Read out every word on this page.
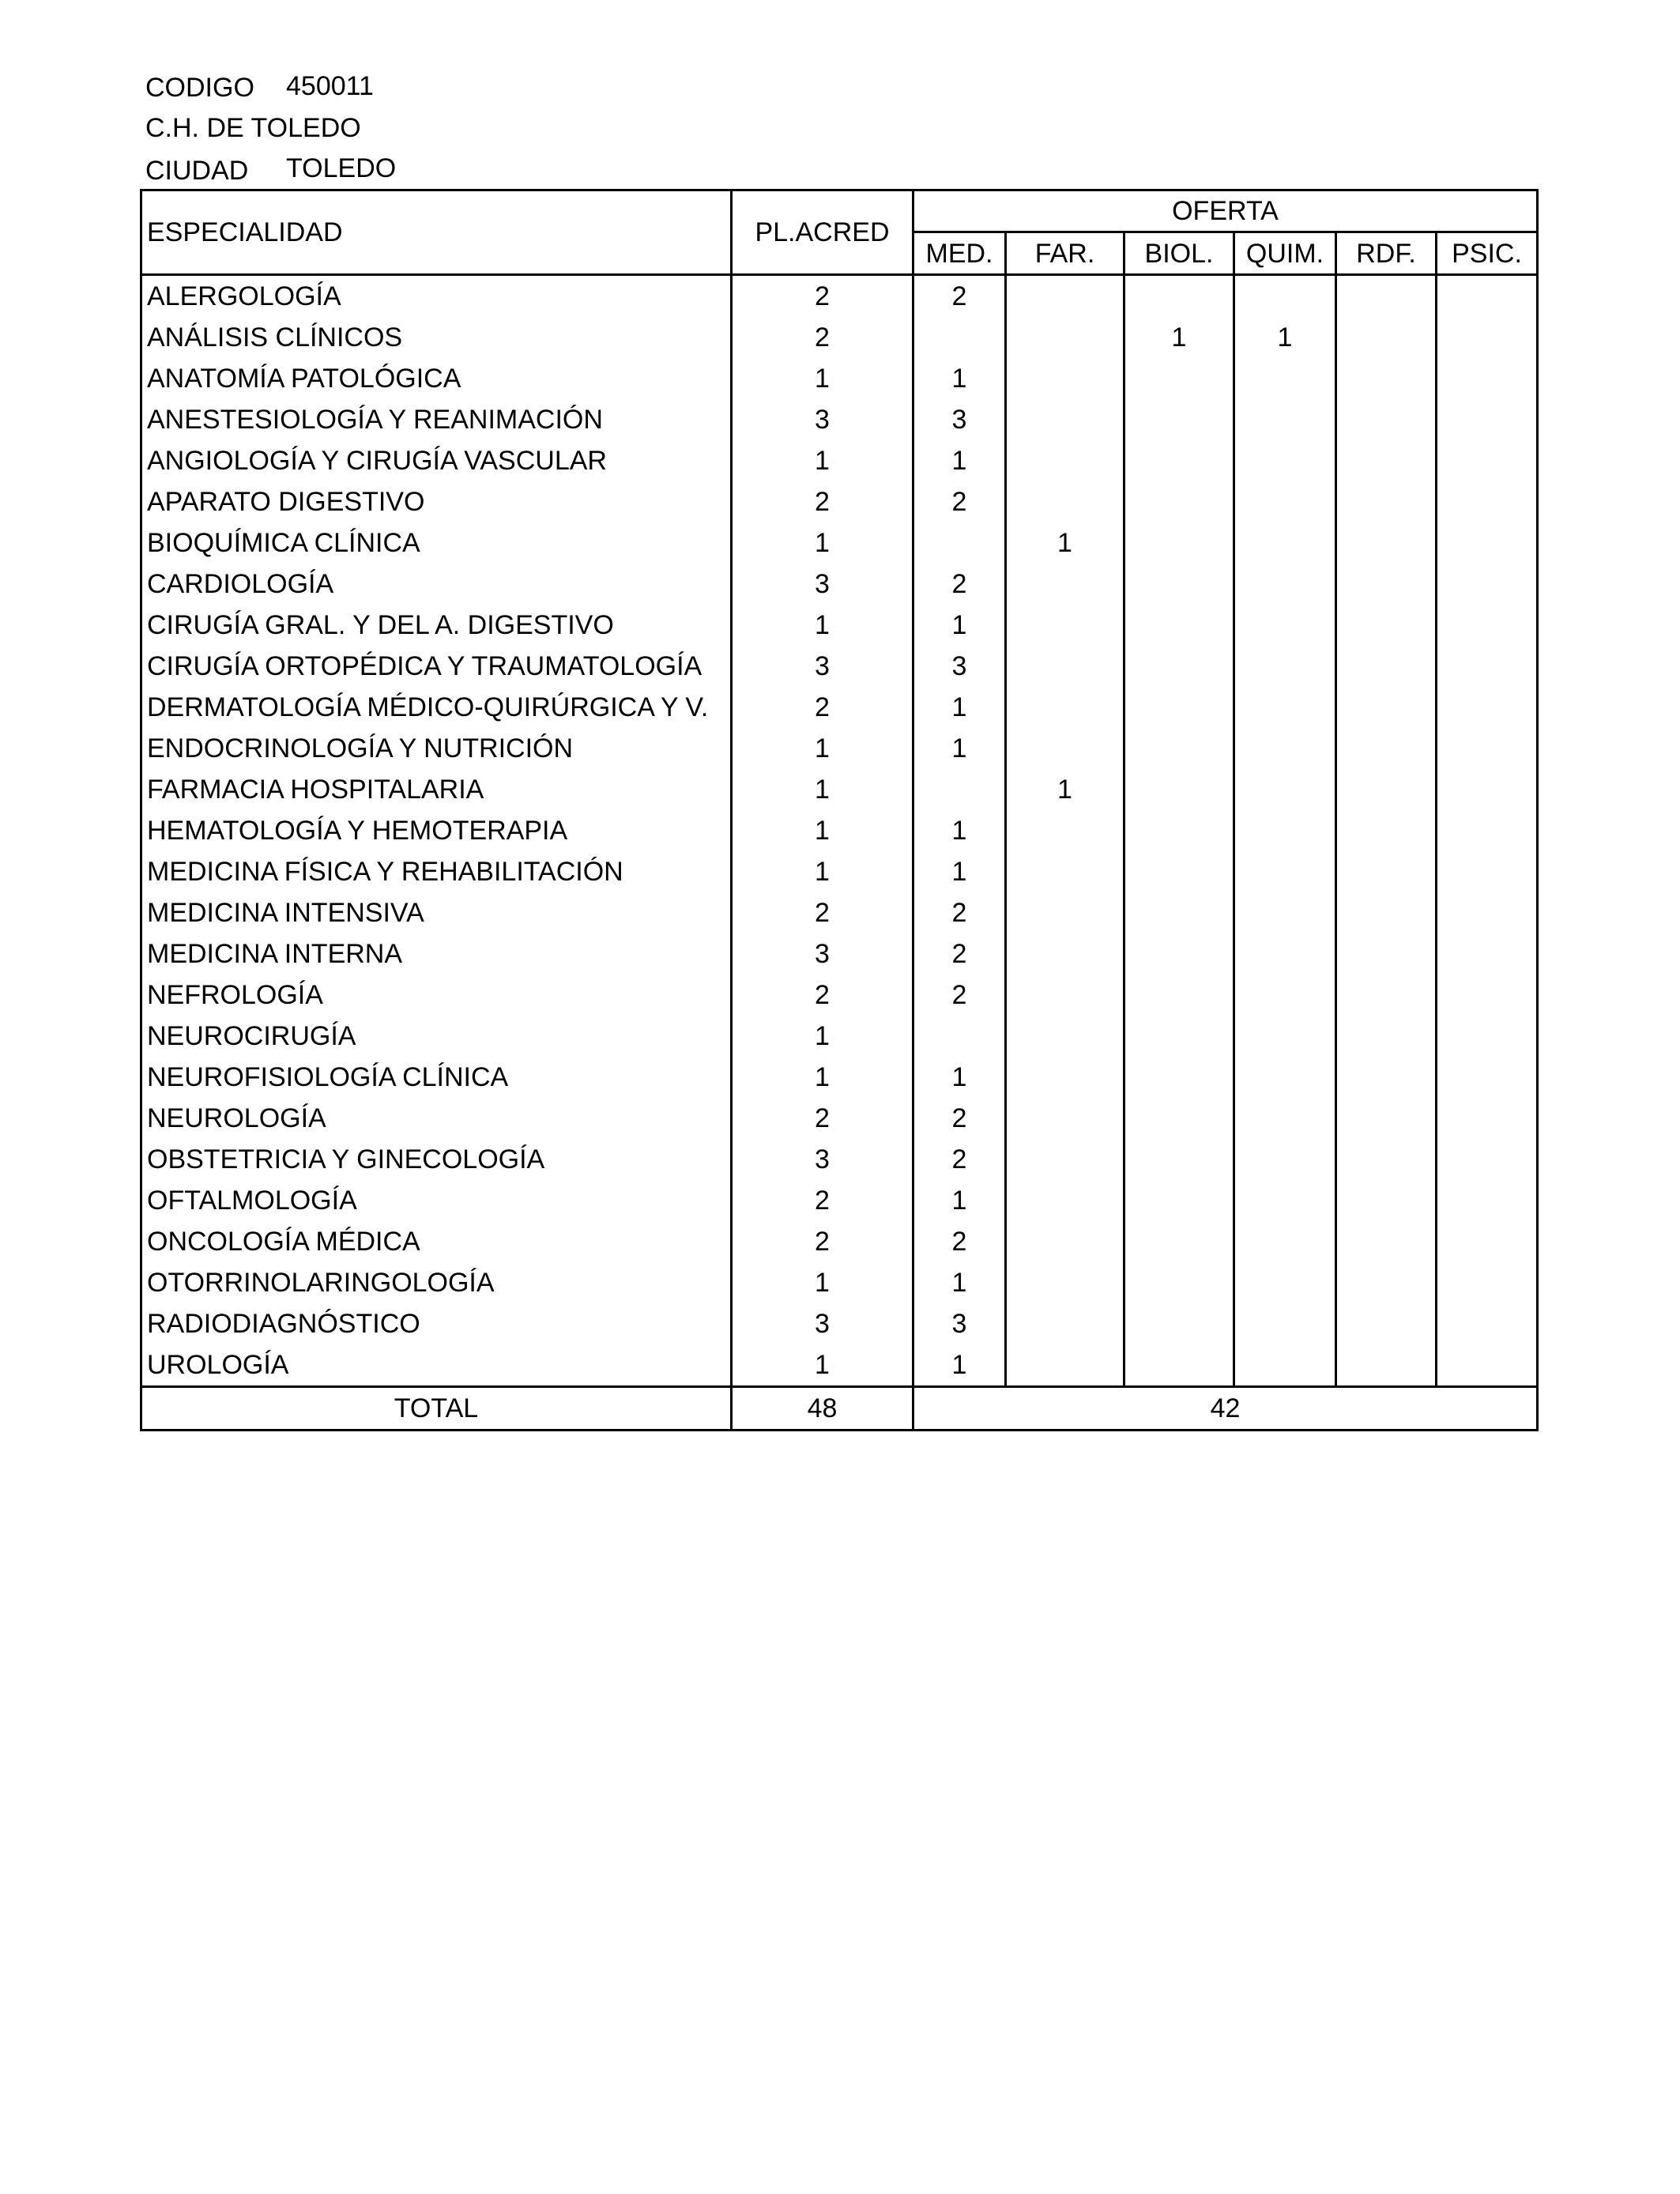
CODIGO 450011
C.H. DE TOLEDO
CIUDAD TOLEDO
ESPECIALIDAD	PL.ACRED	OFERTA					
		MED.	FAR.	BIOL.	QUIM.	RDF.	PSIC.
ALERGOLOGÍA	2	2					
ANÁLISIS CLÍNICOS	2			1	1		
ANATOMÍA PATOLÓGICA	1	1					
ANESTESIOLOGÍA Y REANIMACIÓN	3	3					
ANGIOLOGÍA Y CIRUGÍA VASCULAR	1	1					
APARATO DIGESTIVO	2	2					
BIOQUÍMICA CLÍNICA	1		1				
CARDIOLOGÍA	3	2					
CIRUGÍA GRAL. Y DEL A. DIGESTIVO	1	1					
CIRUGÍA ORTOPÉDICA Y TRAUMATOLOGÍA	3	3					
DERMATOLOGÍA MÉDICO-QUIRÚRGICA Y V.	2	1					
ENDOCRINOLOGÍA Y NUTRICIÓN	1	1					
FARMACIA HOSPITALARIA	1		1				
HEMATOLOGÍA Y HEMOTERAPIA	1	1					
MEDICINA FÍSICA Y REHABILITACIÓN	1	1					
MEDICINA INTENSIVA	2	2					
MEDICINA INTERNA	3	2					
NEFROLOGÍA	2	2					
NEUROCIRUGÍA	1						
NEUROFISIOLOGÍA CLÍNICA	1	1					
NEUROLOGÍA	2	2					
OBSTETRICIA Y GINECOLOGÍA	3	2					
OFTALMOLOGÍA	2	1					
ONCOLOGÍA MÉDICA	2	2					
OTORRINOLARINGOLOGÍA	1	1					
RADIODIAGNÓSTICO	3	3					
UROLOGÍA	1	1					
TOTAL	48	42					
